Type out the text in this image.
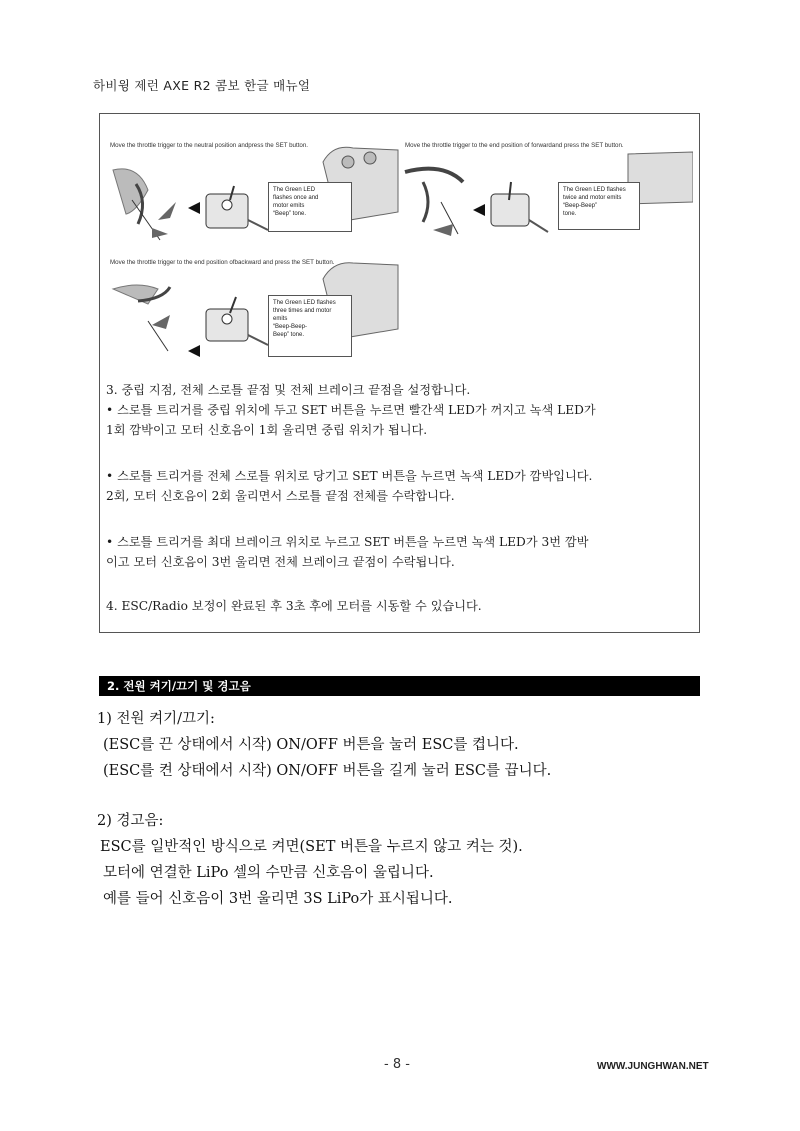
하비윙 제런 AXE R2 콤보 한글 매뉴얼
Move the throttle trigger to the neutral position andpress the SET button.
The Green LED
flashes once and
motor emits
“Beep” tone.
Move the throttle trigger to the end position of forwardand press the SET button.
The Green LED flashes
twice and motor emits
“Beep-Beep”
tone.
Move the throttle trigger to the end position ofbackward and press the SET button.
The Green LED flashes
three times and motor
emits
“Beep-Beep-
Beep” tone.
3. 중립 지점, 전체 스로틀 끝점 및 전체 브레이크 끝점을 설정합니다.
• 스로틀 트리거를 중립 위치에 두고 SET 버튼을 누르면 빨간색 LED가 꺼지고 녹색 LED가
1회 깜박이고 모터 신호음이 1회 울리면 중립 위치가 됩니다.
• 스로틀 트리거를 전체 스로틀 위치로 당기고 SET 버튼을 누르면 녹색 LED가 깜박입니다.
2회, 모터 신호음이 2회 울리면서 스로틀 끝점 전체를 수락합니다.
• 스로틀 트리거를 최대 브레이크 위치로 누르고 SET 버튼을 누르면 녹색 LED가 3번 깜박
이고 모터 신호음이 3번 울리면 전체 브레이크 끝점이 수락됩니다.
4. ESC/Radio 보정이 완료된 후 3초 후에 모터를 시동할 수 있습니다.
2. 전원 켜기/끄기 및 경고음
1) 전원 켜기/끄기:
(ESC를 끈 상태에서 시작) ON/OFF 버튼을 눌러 ESC를 켭니다.
(ESC를 켠 상태에서 시작) ON/OFF 버튼을 길게 눌러 ESC를 끕니다.
2) 경고음:
ESC를 일반적인 방식으로 켜면(SET 버튼을 누르지 않고 켜는 것).
모터에 연결한 LiPo 셀의 수만큼 신호음이 울립니다.
예를 들어 신호음이 3번 울리면 3S LiPo가 표시됩니다.
- 8 -	WWW.JUNGHWAN.NET
